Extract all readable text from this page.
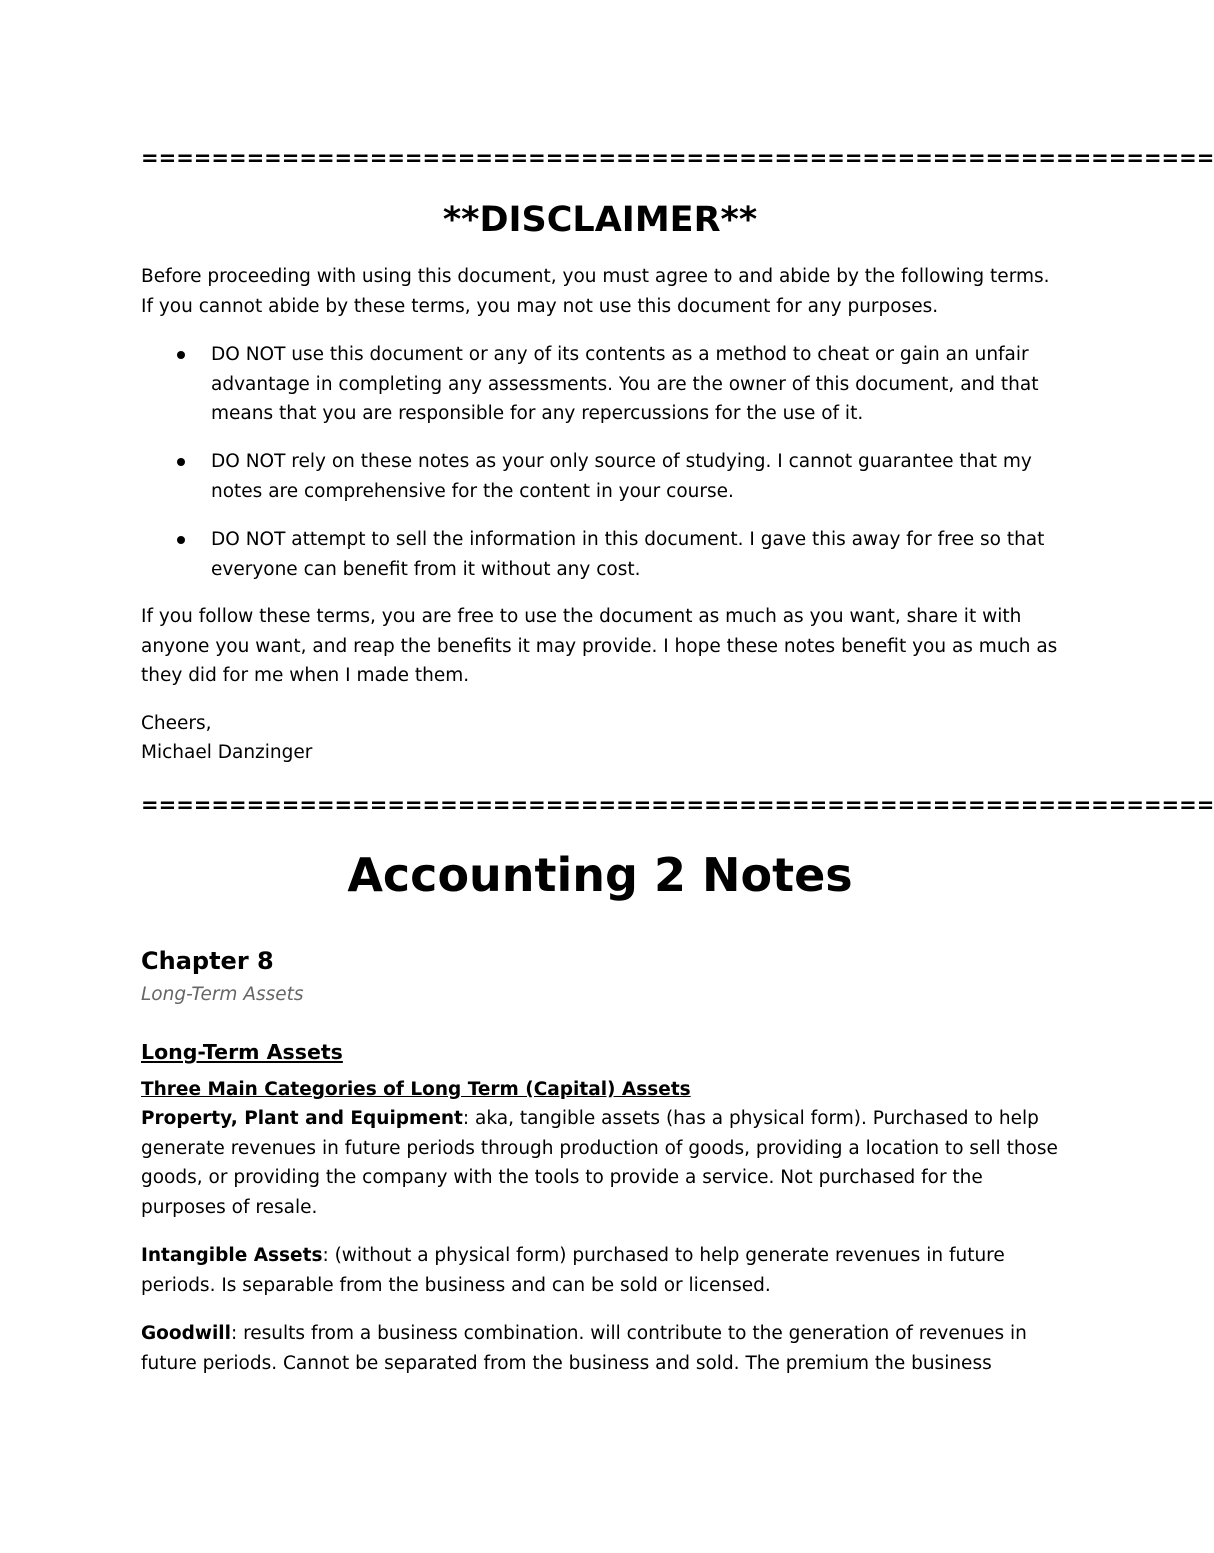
=============================================================
**DISCLAIMER**
Before proceeding with using this document, you must agree to and abide by the following terms. If you cannot abide by these terms, you may not use this document for any purposes.
DO NOT use this document or any of its contents as a method to cheat or gain an unfair advantage in completing any assessments. You are the owner of this document, and that means that you are responsible for any repercussions for the use of it.
DO NOT rely on these notes as your only source of studying. I cannot guarantee that my notes are comprehensive for the content in your course.
DO NOT attempt to sell the information in this document. I gave this away for free so that everyone can benefit from it without any cost.
If you follow these terms, you are free to use the document as much as you want, share it with anyone you want, and reap the benefits it may provide. I hope these notes benefit you as much as they did for me when I made them.
Cheers,
Michael Danzinger
=============================================================
Accounting 2 Notes
Chapter 8
Long-Term Assets
Long-Term Assets
Three Main Categories of Long Term (Capital) Assets
Property, Plant and Equipment: aka, tangible assets (has a physical form). Purchased to help generate revenues in future periods through production of goods, providing a location to sell those goods, or providing the company with the tools to provide a service. Not purchased for the purposes of resale.
Intangible Assets: (without a physical form) purchased to help generate revenues in future periods. Is separable from the business and can be sold or licensed.
Goodwill: results from a business combination. will contribute to the generation of revenues in future periods. Cannot be separated from the business and sold. The premium the business
